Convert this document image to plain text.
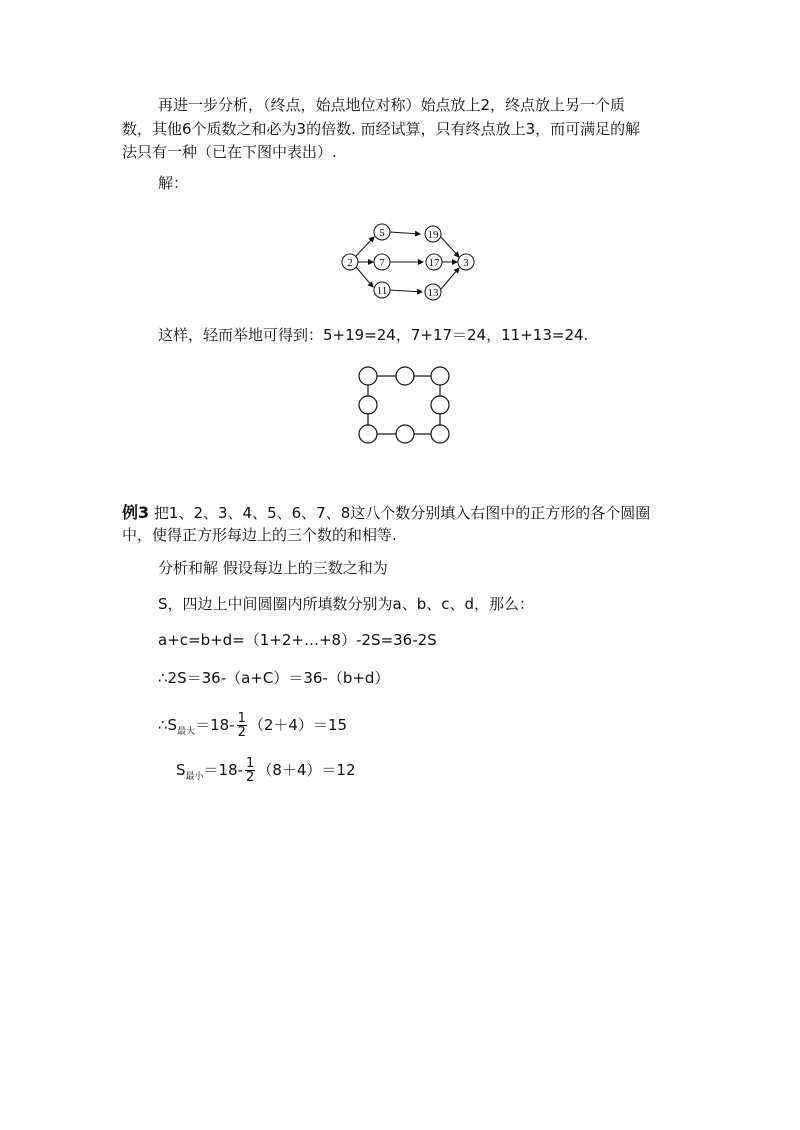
再进一步分析，（终点，始点地位对称）始点放上2，终点放上另一个质
数，其他6个质数之和必为3的倍数. 而经试算，只有终点放上3，而可满足的解
法只有一种（已在下图中表出）.
解：
2
5
7
11
19
17
13
3
这样，轻而举地可得到：5+19=24，7+17＝24，11+13=24.
例3 把1、2、3、4、5、6、7、8这八个数分别填入右图中的正方形的各个圆圈
中，使得正方形每边上的三个数的和相等.
分析和解 假设每边上的三数之和为
S，四边上中间圆圈内所填数分别为a、b、c、d，那么：
a+c=b+d=（1+2+…+8）-2S=36-2S
∴2S＝36-（a+C）＝36-（b+d）
$\therefore S_{最大}=18- \frac{1}{2} (2+4)=15$
$S_{最小}=18- \frac{1}{2} (8+4)=12$
